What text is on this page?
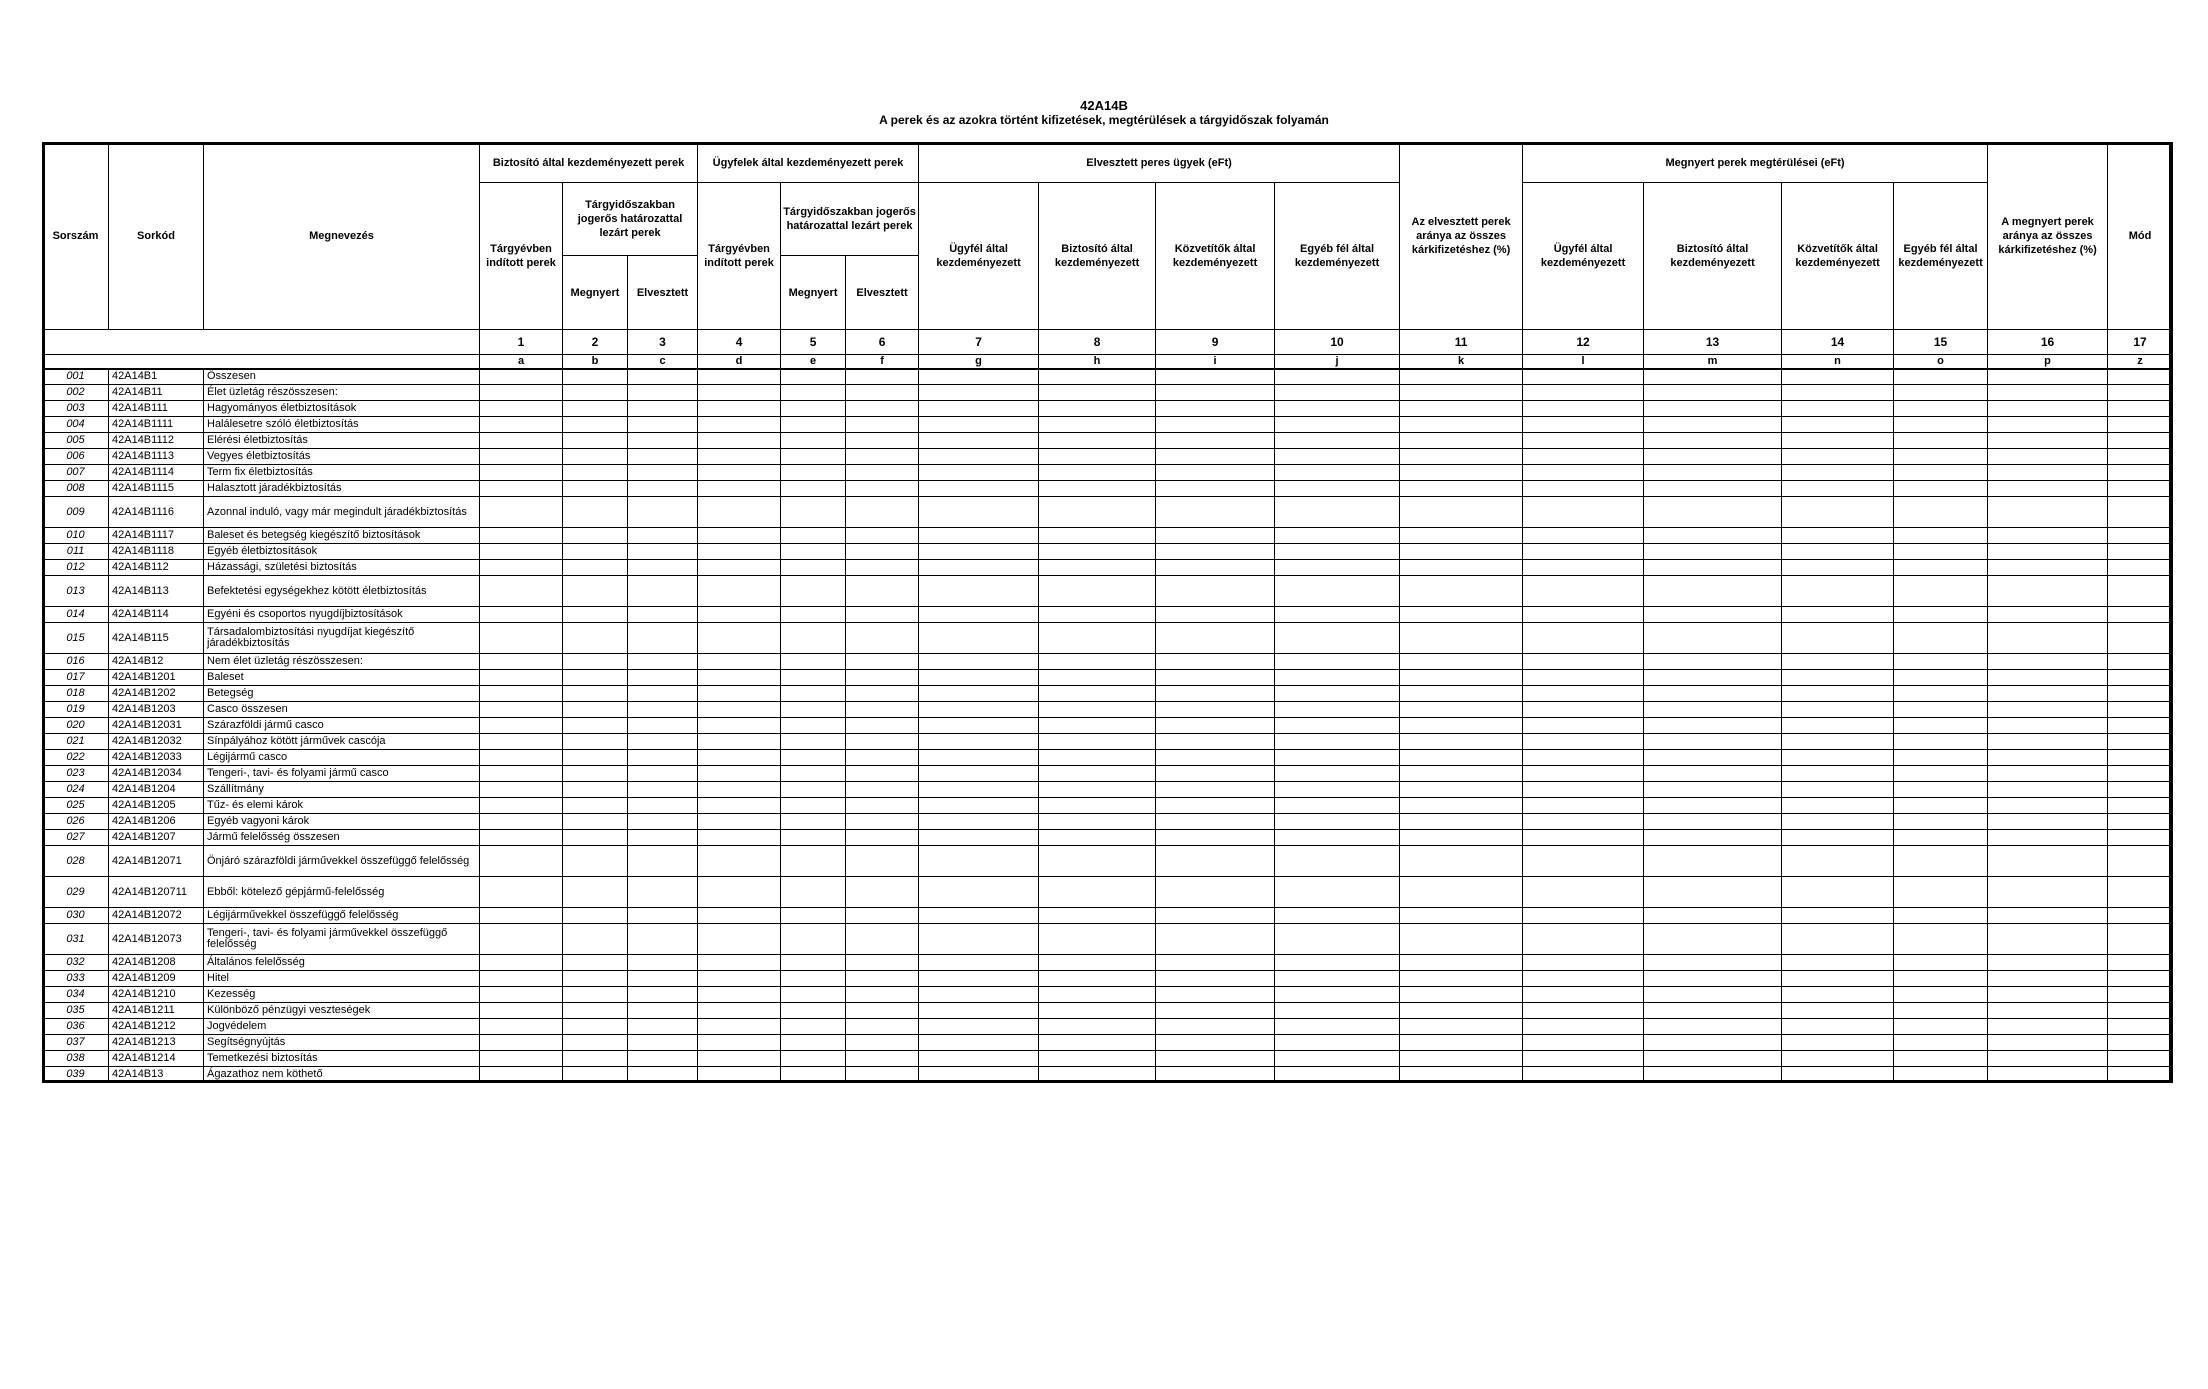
42A14B
A perek és az azokra történt kifizetések, megtérülések a tárgyidőszak folyamán
Sorszám	Sorkód	Megnevezés	Biztosító által kezdeményezett perek			Ügyfelek által kezdeményezett perek			Elvesztett peres ügyek (eFt)				Az elvesztett perek aránya az összes kárkifizetéshez (%)	Megnyert perek megtérülései (eFt)				A megnyert perek aránya az összes kárkifizetéshez (%)	Mód
			Tárgyévben indított perek	Tárgyidőszakban jogerős határozattal lezárt perek		Tárgyévben indított perek	Tárgyidőszakban jogerős határozattal lezárt perek		Ügyfél által kezdeményezett	Biztosító által kezdeményezett	Közvetítők által kezdeményezett	Egyéb fél által kezdeményezett		Ügyfél által kezdeményezett	Biztosító által kezdeményezett	Közvetítők által kezdeményezett	Egyéb fél által kezdeményezett		
				Megnyert	Elvesztett		Megnyert	Elvesztett											
			1	2	3	4	5	6	7	8	9	10	11	12	13	14	15	16	17
			a	b	c	d	e	f	g	h	i	j	k	l	m	n	o	p	z
001	42A14B1	Összesen																	
002	42A14B11	Élet üzletág részösszesen:																	
003	42A14B111	Hagyományos életbiztosítások																	
004	42A14B1111	Halálesetre szóló életbiztosítás																	
005	42A14B1112	Elérési életbiztosítás																	
006	42A14B1113	Vegyes életbiztosítás																	
007	42A14B1114	Term fix életbiztosítás																	
008	42A14B1115	Halasztott járadékbiztosítás																	
009	42A14B1116	Azonnal induló, vagy már megindult járadékbiztosítás																	
010	42A14B1117	Baleset és betegség kiegészítő biztosítások																	
011	42A14B1118	Egyéb életbiztosítások																	
012	42A14B112	Házassági, születési biztosítás																	
013	42A14B113	Befektetési egységekhez kötött életbiztosítás																	
014	42A14B114	Egyéni és csoportos nyugdíjbiztosítások																	
015	42A14B115	Társadalombiztosítási nyugdíjat kiegészítő járadékbiztosítás																	
016	42A14B12	Nem élet üzletág részösszesen:																	
017	42A14B1201	Baleset																	
018	42A14B1202	Betegség																	
019	42A14B1203	Casco összesen																	
020	42A14B12031	Szárazföldi jármű casco																	
021	42A14B12032	Sínpályához kötött járművek cascója																	
022	42A14B12033	Légijármű casco																	
023	42A14B12034	Tengeri-, tavi- és folyami jármű casco																	
024	42A14B1204	Szállítmány																	
025	42A14B1205	Tűz- és elemi károk																	
026	42A14B1206	Egyéb vagyoni károk																	
027	42A14B1207	Jármű felelősség összesen																	
028	42A14B12071	Önjáró szárazföldi járművekkel összefüggő felelősség																	
029	42A14B120711	Ebből: kötelező gépjármű-felelősség																	
030	42A14B12072	Légijárművekkel összefüggő felelősség																	
031	42A14B12073	Tengeri-, tavi- és folyami járművekkel összefüggő felelősség																	
032	42A14B1208	Általános felelősség																	
033	42A14B1209	Hitel																	
034	42A14B1210	Kezesség																	
035	42A14B1211	Különböző pénzügyi veszteségek																	
036	42A14B1212	Jogvédelem																	
037	42A14B1213	Segítségnyújtás																	
038	42A14B1214	Temetkezési biztosítás																	
039	42A14B13	Ágazathoz nem köthető																	
